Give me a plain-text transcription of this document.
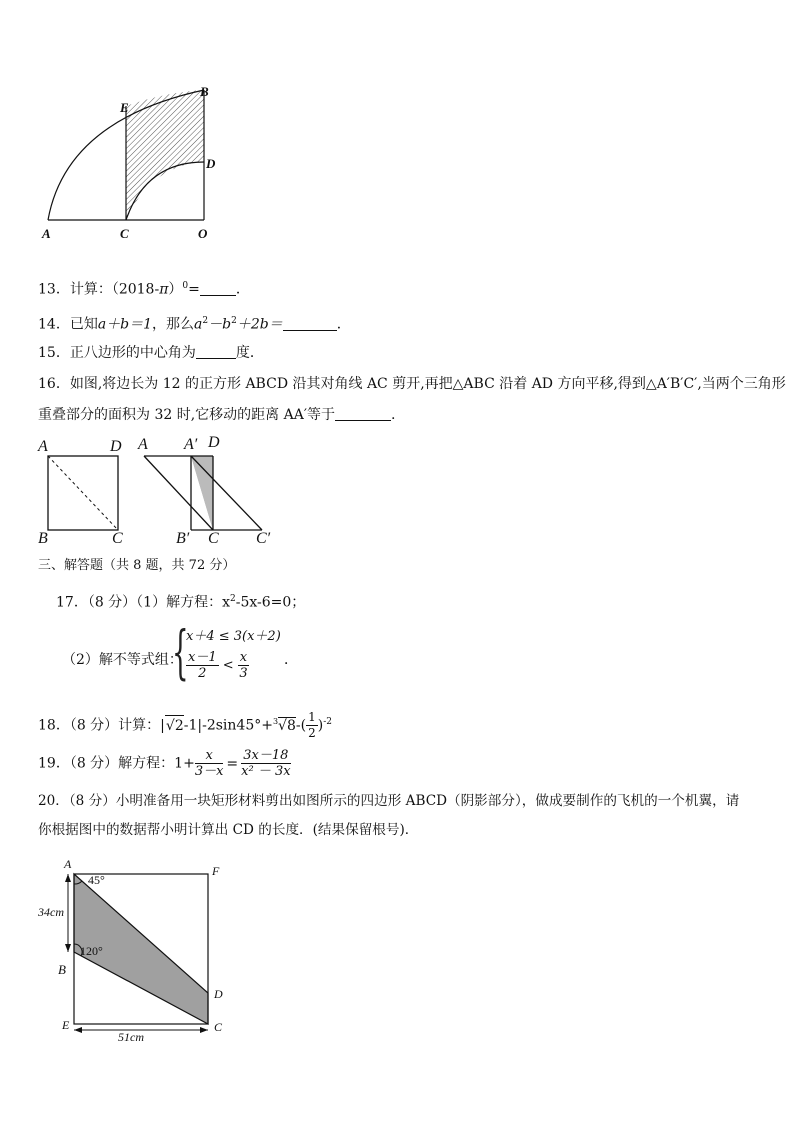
A	C	O
E
B
D
13．计算：$(2018-\pi)^0=$	．
14．已知a＋b＝1，那么$a^2-b^2+2b=$	．
15．正八边形的中心角为	度．
16．如图,将边长为 12 的正方形 ABCD 沿其对角线 AC 剪开,再把△ABC 沿着 AD 方向平移,得到△A′B′C′,当两个三角形
重叠部分的面积为 32 时,它移动的距离 AA′等于	.
A	D
B	C
A A′ D
B′ C C′
三、解答题（共 8 题，共 72 分）
17．（8 分）（1）解方程：$x^2-5x-6=0$；
（2）解不等式组：
{
x＋4 ≤ 3(x＋2)
$\frac{x-1}{2} < \frac{x}{3}$ ．
18．（8 分）计算：$|√2-1|-2\sin 45^\circ+^3√8-( \frac{1}{2} )^{-2}$
19．（8 分）解方程：$1+ \frac{x}{3-x} = \frac{3x-18}{\text{x² － 3x}}$
20．（8 分）小明准备用一块矩形材料剪出如图所示的四边形 ABCD（阴影部分），做成要制作的飞机的一个机翼，请
你根据图中的数据帮小明计算出 CD 的长度．(结果保留根号)．
A	F
B
E
D
C
45°
120°
34cm
51cm
